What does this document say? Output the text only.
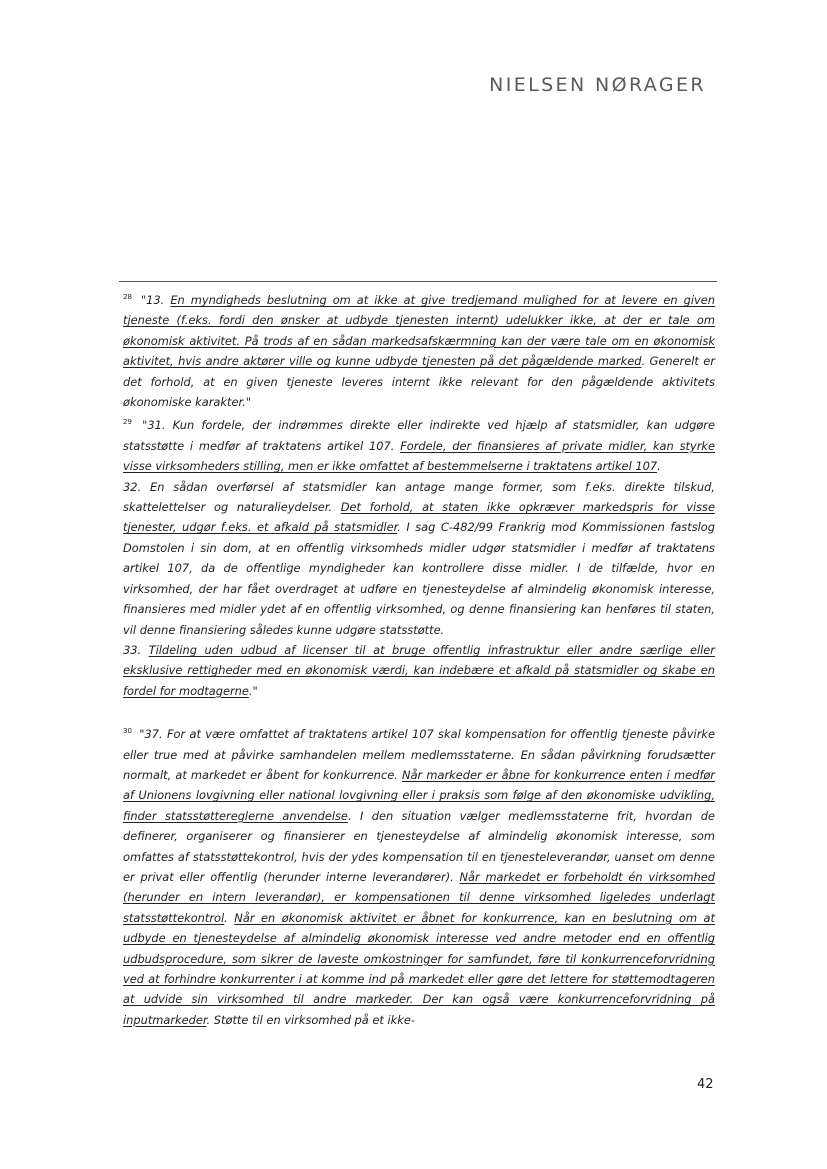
NIELSEN NØRAGER

$^{28}$ "13. En myndigheds beslutning om at ikke at give tredjemand mulighed for at levere en given tjeneste (f.eks. fordi den ønsker at udbyde tjenesten internt) udelukker ikke, at der er tale om økonomisk aktivitet. På trods af en sådan markedsafskærmning kan der være tale om en økonomisk aktivitet, hvis andre aktører ville og kunne udbyde tjenesten på det pågældende marked. Generelt er det forhold, at en given tjeneste leveres internt ikke relevant for den pågældende aktivitets økonomiske karakter."

$^{29}$ "31. Kun fordele, der indrømmes direkte eller indirekte ved hjælp af statsmidler, kan udgøre statsstøtte i medfør af traktatens artikel 107. Fordele, der finansieres af private midler, kan styrke visse virksomheders stilling, men er ikke omfattet af bestemmelserne i traktatens artikel 107.

32. En sådan overførsel af statsmidler kan antage mange former, som f.eks. direkte tilskud, skattelettelser og naturalieydelser. Det forhold, at staten ikke opkræver markedspris for visse tjenester, udgør f.eks. et afkald på statsmidler. I sag C-482/99 Frankrig mod Kommissionen fastslog Domstolen i sin dom, at en offentlig virksomheds midler udgør statsmidler i medfør af traktatens artikel 107, da de offentlige myndigheder kan kontrollere disse midler. I de tilfælde, hvor en virksomhed, der har fået overdraget at udføre en tjenesteydelse af almindelig økonomisk interesse, finansieres med midler ydet af en offentlig virksomhed, og denne finansiering kan henføres til staten, vil denne finansiering således kunne udgøre statsstøtte.

33. Tildeling uden udbud af licenser til at bruge offentlig infrastruktur eller andre særlige eller eksklusive rettigheder med en økonomisk værdi, kan indebære et afkald på statsmidler og skabe en fordel for modtagerne."

$^{30}$ "37. For at være omfattet af traktatens artikel 107 skal kompensation for offentlig tjeneste påvirke eller true med at påvirke samhandelen mellem medlemsstaterne. En sådan påvirkning forudsætter normalt, at markedet er åbent for konkurrence. Når markeder er åbne for konkurrence enten i medfør af Unionens lovgivning eller national lovgivning eller i praksis som følge af den økonomiske udvikling, finder statsstøttereglerne anvendelse. I den situation vælger medlemsstaterne frit, hvordan de definerer, organiserer og finansierer en tjenesteydelse af almindelig økonomisk interesse, som omfattes af statsstøttekontrol, hvis der ydes kompensation til en tjenesteleverandør, uanset om denne er privat eller offentlig (herunder interne leverandører). Når markedet er forbeholdt én virksomhed (herunder en intern leverandør), er kompensationen til denne virksomhed ligeledes underlagt statsstøttekontrol. Når en økonomisk aktivitet er åbnet for konkurrence, kan en beslutning om at udbyde en tjenesteydelse af almindelig økonomisk interesse ved andre metoder end en offentlig udbudsprocedure, som sikrer de laveste omkostninger for samfundet, føre til konkurrenceforvridning ved at forhindre konkurrenter i at komme ind på markedet eller gøre det lettere for støttemodtageren at udvide sin virksomhed til andre markeder. Der kan også være konkurrenceforvridning på inputmarkeder. Støtte til en virksomhed på et ikke-

42
